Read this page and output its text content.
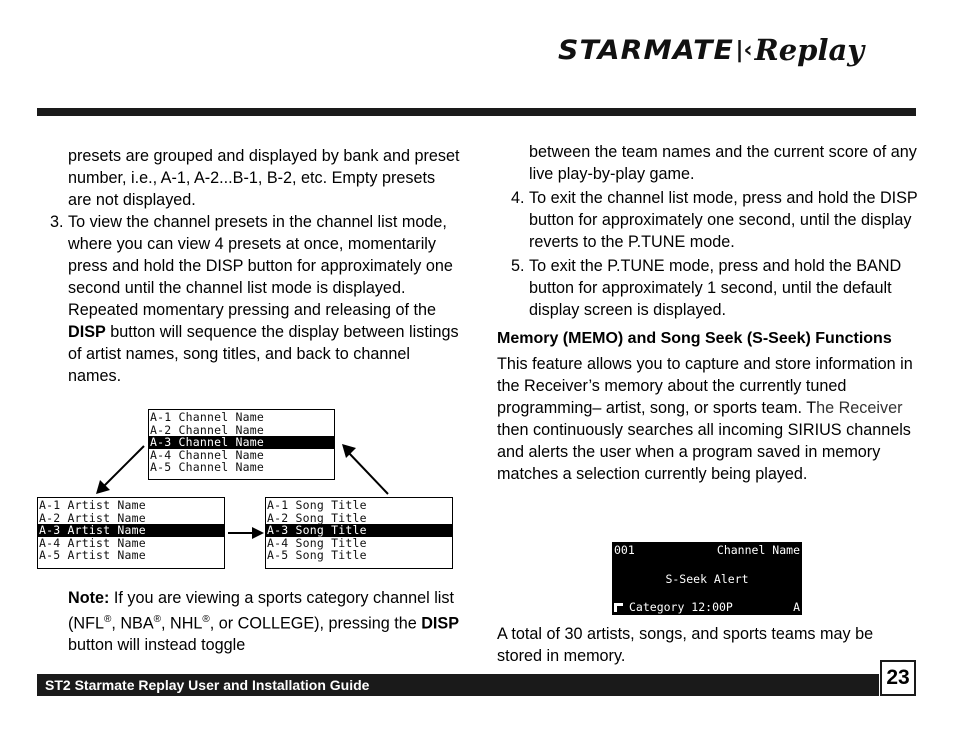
STARMATE |‹ Replay

presets are grouped and displayed by bank and preset number, i.e., A-1, A-2...B-1, B-2, etc. Empty presets are not displayed.

3. To view the channel presets in the channel list mode, where you can view 4 presets at once, momentarily press and hold the DISP button for approximately one second until the channel list mode is displayed. Repeated momentary pressing and releasing of the DISP button will sequence the display between listings of artist names, song titles, and back to channel names.
A-1 Channel Name
A-2 Channel Name
A-3 Channel Name
A-4 Channel Name
A-5 Channel Name
A-1 Artist Name
A-2 Artist Name
A-3 Artist Name
A-4 Artist Name
A-5 Artist Name
A-1 Song Title
A-2 Song Title
A-3 Song Title
A-4 Song Title
A-5 Song Title
Note: If you are viewing a sports category channel list (NFL®, NBA®, NHL®, or COLLEGE), pressing the DISP button will instead toggle

between the team names and the current score of any live play-by-play game.

4. To exit the channel list mode, press and hold the DISP button for approximately one second, until the display reverts to the P.TUNE mode.
5. To exit the P.TUNE mode, press and hold the BAND button for approximately 1 second, until the default display screen is displayed.

Memory (MEMO) and Song Seek (S-Seek) Functions

This feature allows you to capture and store information in the Receiver’s memory about the currently tuned programming– artist, song, or sports team. The Receiver then continuously searches all incoming SIRIUS channels and alerts the user when a program saved in memory matches a selection currently being played.

001	Channel Name
S-Seek Alert
Category 12:00P	A

A total of 30 artists, songs, and sports teams may be stored in memory.

ST2 Starmate Replay User and Installation Guide	23
